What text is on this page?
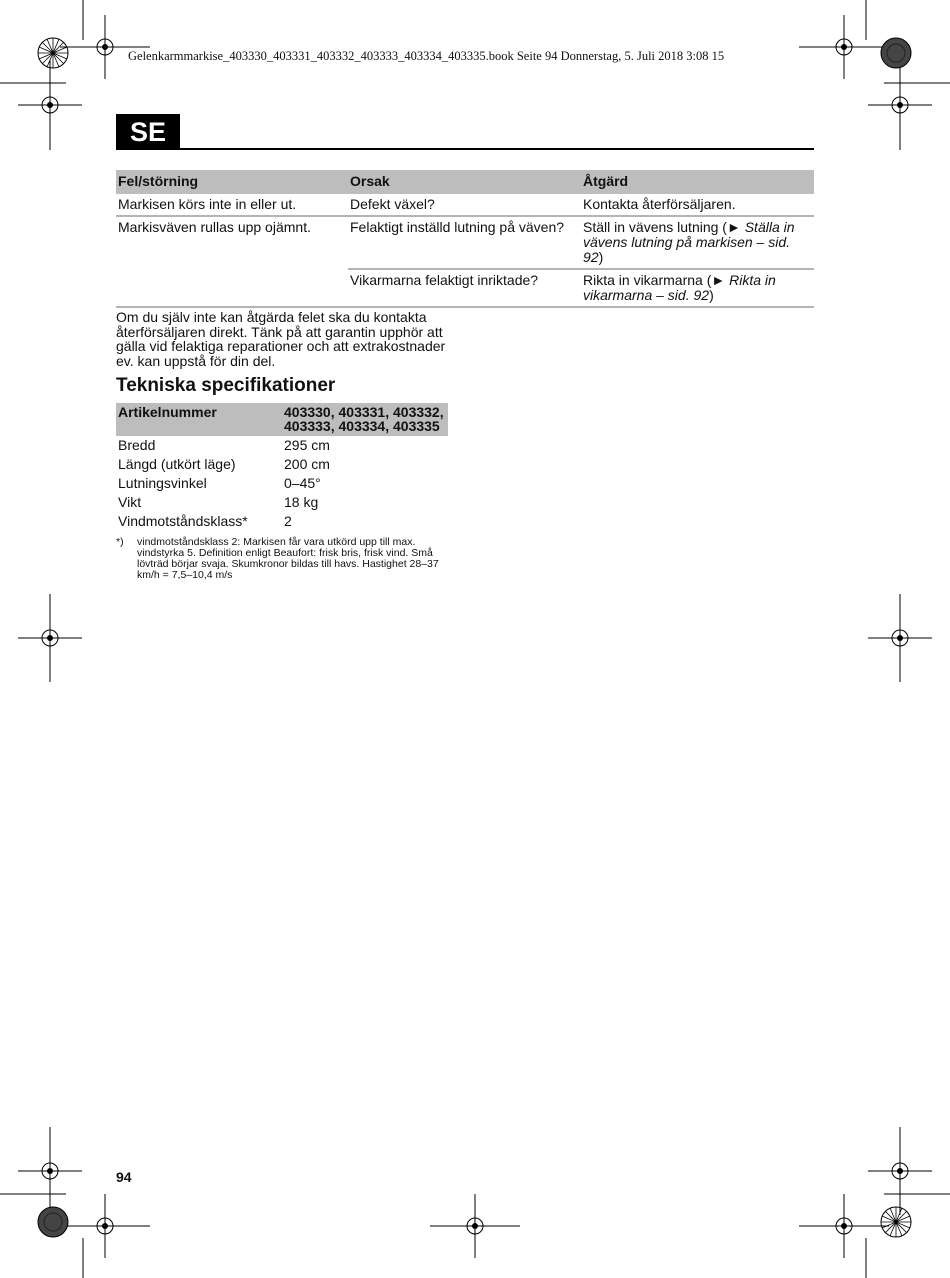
Gelenkarmmarkise_403330_403331_403332_403333_403334_403335.book Seite 94 Donnerstag, 5. Juli 2018 3:08 15
SE
Fel/störning	Orsak	Åtgärd
Markisen körs inte in eller ut.	Defekt växel?	Kontakta återförsäljaren.
Markisväven rullas upp ojämnt.	Felaktigt inställd lutning på väven?	Ställ in vävens lutning (► Ställa in vävens lutning på markisen – sid. 92)
	Vikarmarna felaktigt inriktade?	Rikta in vikarmarna (► Rikta in vikarmarna – sid. 92)

Om du själv inte kan åtgärda felet ska du kontakta återförsäljaren direkt. Tänk på att garantin upphör att gälla vid felaktiga reparationer och att extrakostnader ev. kan uppstå för din del.

Tekniska specifikationer
Artikelnummer	403330, 403331, 403332, 403333, 403334, 403335
Bredd	295 cm
Längd (utkört läge)	200 cm
Lutningsvinkel	0–45°
Vikt	18 kg
Vindmotståndsklass*	2
*)	vindmotståndsklass 2: Markisen får vara utkörd upp till max. vindstyrka 5. Definition enligt Beaufort: frisk bris, frisk vind. Små lövträd börjar svaja. Skumkronor bildas till havs. Hastighet 28–37 km/h = 7,5–10,4 m/s
94
